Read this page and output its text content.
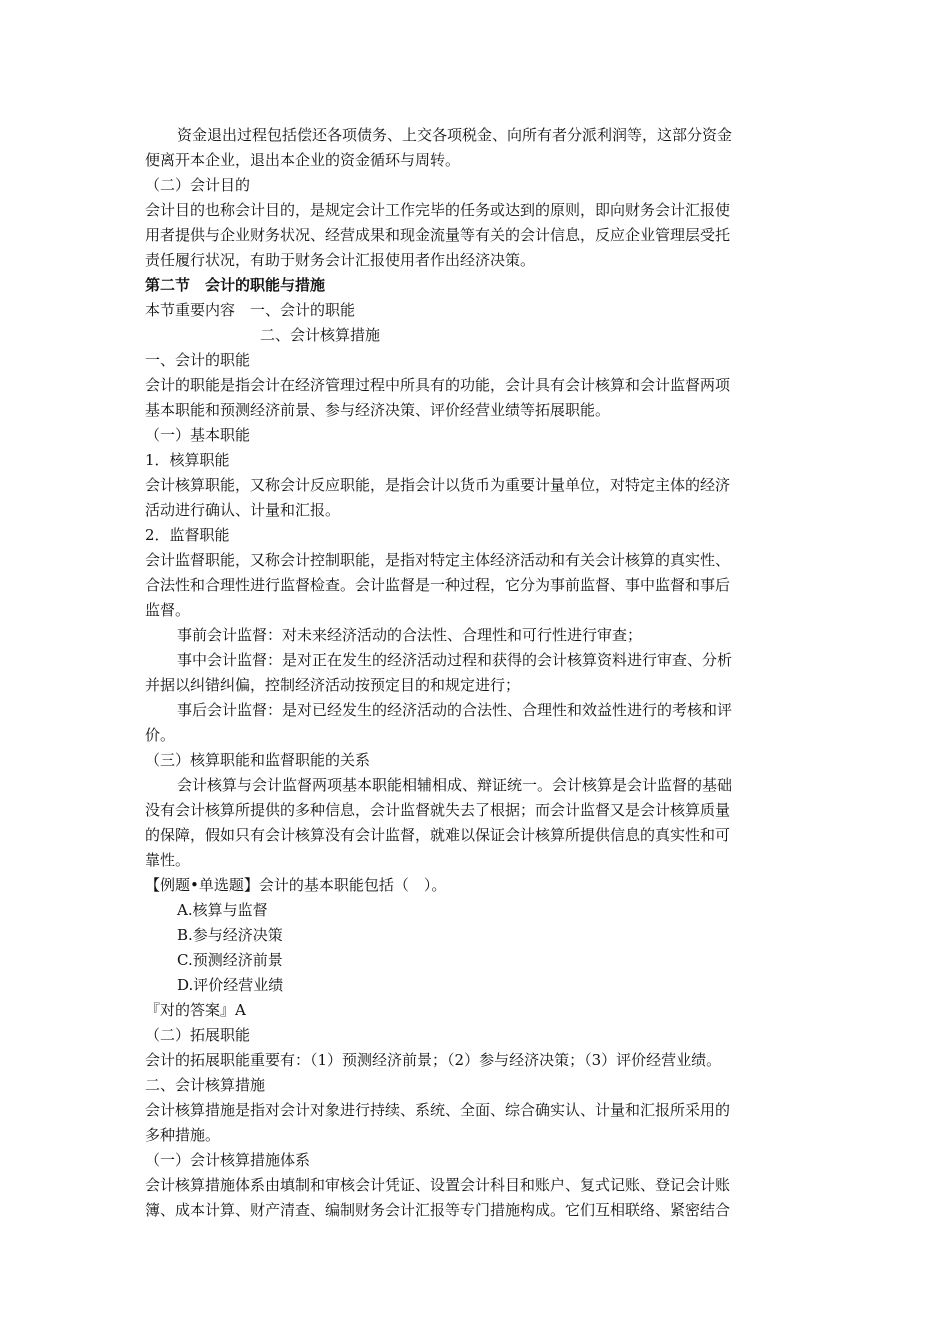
资金退出过程包括偿还各项债务、上交各项税金、向所有者分派利润等，这部分资金
便离开本企业，退出本企业的资金循环与周转。
（二）会计目的
会计目的也称会计目的，是规定会计工作完毕的任务或达到的原则，即向财务会计汇报使
用者提供与企业财务状况、经营成果和现金流量等有关的会计信息，反应企业管理层受托
责任履行状况，有助于财务会计汇报使用者作出经济决策。
第二节　会计的职能与措施
本节重要内容　一、会计的职能
二、会计核算措施
一、会计的职能
会计的职能是指会计在经济管理过程中所具有的功能，会计具有会计核算和会计监督两项
基本职能和预测经济前景、参与经济决策、评价经营业绩等拓展职能。
（一）基本职能
1．核算职能
会计核算职能，又称会计反应职能，是指会计以货币为重要计量单位，对特定主体的经济
活动进行确认、计量和汇报。
2．监督职能
会计监督职能，又称会计控制职能，是指对特定主体经济活动和有关会计核算的真实性、
合法性和合理性进行监督检查。会计监督是一种过程，它分为事前监督、事中监督和事后
监督。
事前会计监督：对未来经济活动的合法性、合理性和可行性进行审查；
事中会计监督：是对正在发生的经济活动过程和获得的会计核算资料进行审查、分析
并据以纠错纠偏，控制经济活动按预定目的和规定进行；
事后会计监督：是对已经发生的经济活动的合法性、合理性和效益性进行的考核和评
价。
（三）核算职能和监督职能的关系
会计核算与会计监督两项基本职能相辅相成、辩证统一。会计核算是会计监督的基础
没有会计核算所提供的多种信息，会计监督就失去了根据；而会计监督又是会计核算质量
的保障，假如只有会计核算没有会计监督，就难以保证会计核算所提供信息的真实性和可
靠性。
【例题•单选题】会计的基本职能包括（　）。
A.核算与监督
B.参与经济决策
C.预测经济前景
D.评价经营业绩
『对的答案』A
（二）拓展职能
会计的拓展职能重要有：（1）预测经济前景；（2）参与经济决策；（3）评价经营业绩。
二、会计核算措施
会计核算措施是指对会计对象进行持续、系统、全面、综合确实认、计量和汇报所采用的
多种措施。
（一）会计核算措施体系
会计核算措施体系由填制和审核会计凭证、设置会计科目和账户、复式记账、登记会计账
簿、成本计算、财产清查、编制财务会计汇报等专门措施构成。它们互相联络、紧密结合
